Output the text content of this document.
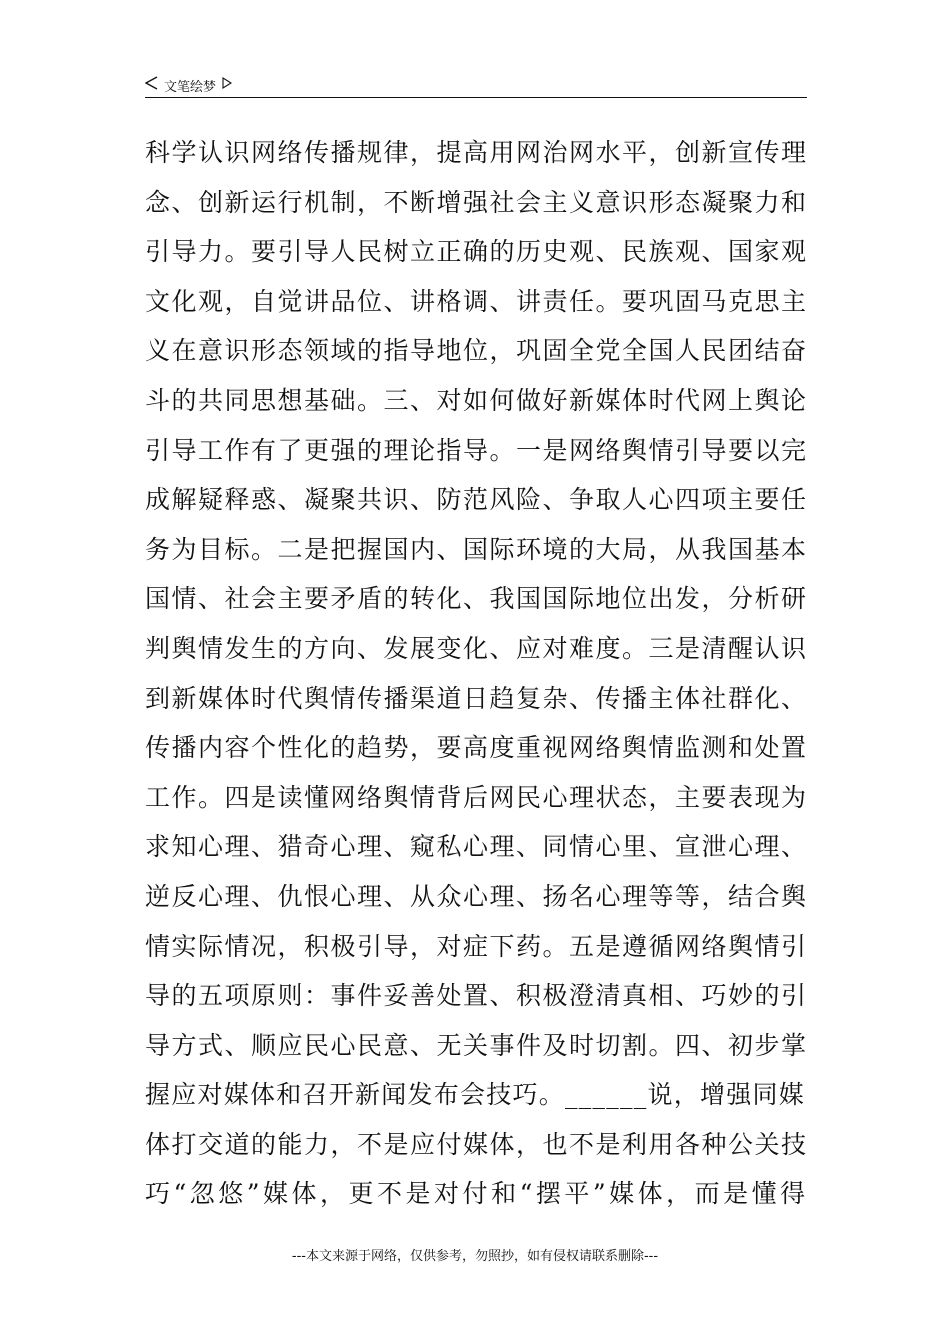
文笔绘梦
科学认识网络传播规律，提高用网治网水平，创新宣传理
念、创新运行机制，不断增强社会主义意识形态凝聚力和
引导力。要引导人民树立正确的历史观、民族观、国家观
文化观，自觉讲品位、讲格调、讲责任。要巩固马克思主
义在意识形态领域的指导地位，巩固全党全国人民团结奋
斗的共同思想基础。三、对如何做好新媒体时代网上舆论
引导工作有了更强的理论指导。一是网络舆情引导要以完
成解疑释惑、凝聚共识、防范风险、争取人心四项主要任
务为目标。二是把握国内、国际环境的大局，从我国基本
国情、社会主要矛盾的转化、我国国际地位出发，分析研
判舆情发生的方向、发展变化、应对难度。三是清醒认识
到新媒体时代舆情传播渠道日趋复杂、传播主体社群化、
传播内容个性化的趋势，要高度重视网络舆情监测和处置
工作。四是读懂网络舆情背后网民心理状态，主要表现为
求知心理、猎奇心理、窥私心理、同情心里、宣泄心理、
逆反心理、仇恨心理、从众心理、扬名心理等等，结合舆
情实际情况，积极引导，对症下药。五是遵循网络舆情引
导的五项原则：事件妥善处置、积极澄清真相、巧妙的引
导方式、顺应民心民意、无关事件及时切割。四、初步掌
握应对媒体和召开新闻发布会技巧。______说，增强同媒
体打交道的能力，不是应付媒体，也不是利用各种公关技
巧“忽悠”媒体，更不是对付和“摆平”媒体，而是懂得
---本文来源于网络，仅供参考，勿照抄，如有侵权请联系删除---
